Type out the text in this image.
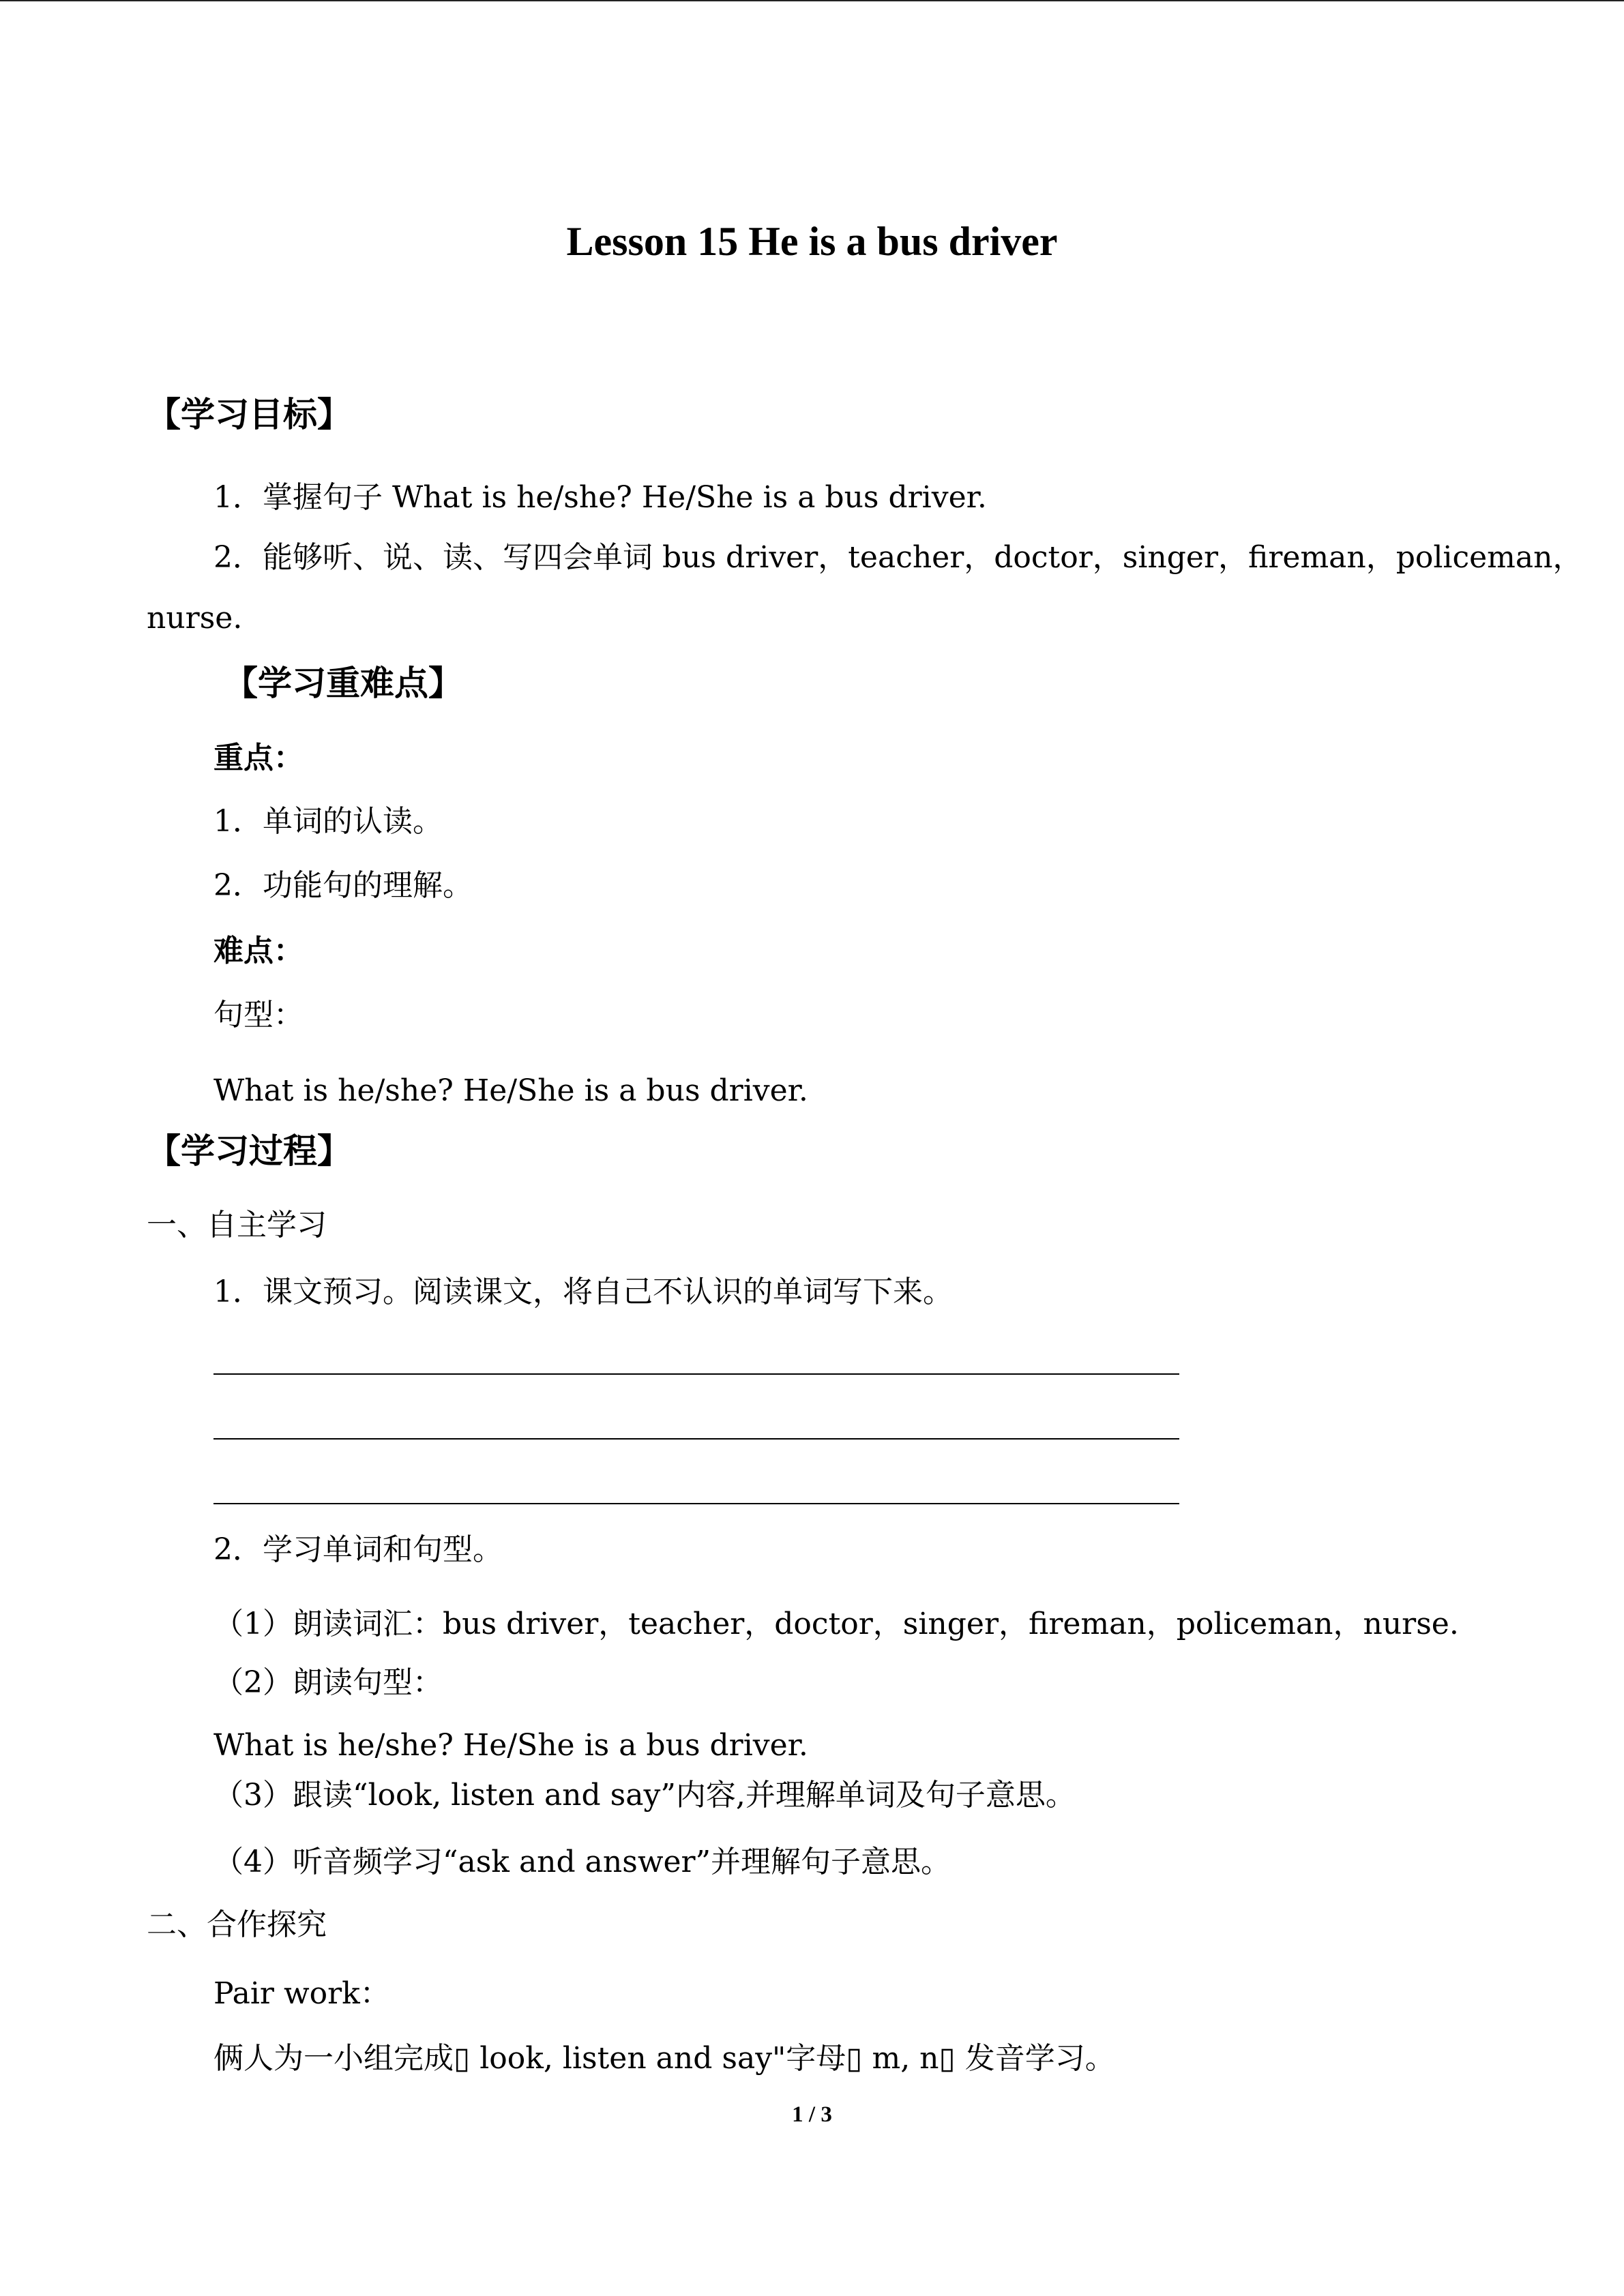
Lesson 15 He is a bus driver
【学习目标】
1．掌握句子 What is he/she? He/She is a bus driver.
2．能够听、说、读、写四会单词 bus driver，teacher，doctor，singer，fireman，policeman，
nurse.
【学习重难点】
重点：
1．单词的认读。
2．功能句的理解。
难点：
句型：
What is he/she? He/She is a bus driver.
【学习过程】
一、自主学习
1．课文预习。阅读课文，将自己不认识的单词写下来。
2．学习单词和句型。
（1）朗读词汇：bus driver，teacher，doctor，singer，fireman，policeman，nurse.
（2）朗读句型：
What is he/she? He/She is a bus driver.
（3）跟读“look, listen and say”内容,并理解单词及句子意思。
（4）听音频学习“ask and answer”并理解句子意思。
二、合作探究
Pair work：
俩人为一小组完成▯ look, listen and say"字母▯ m, n▯ 发音学习。
1 / 3
